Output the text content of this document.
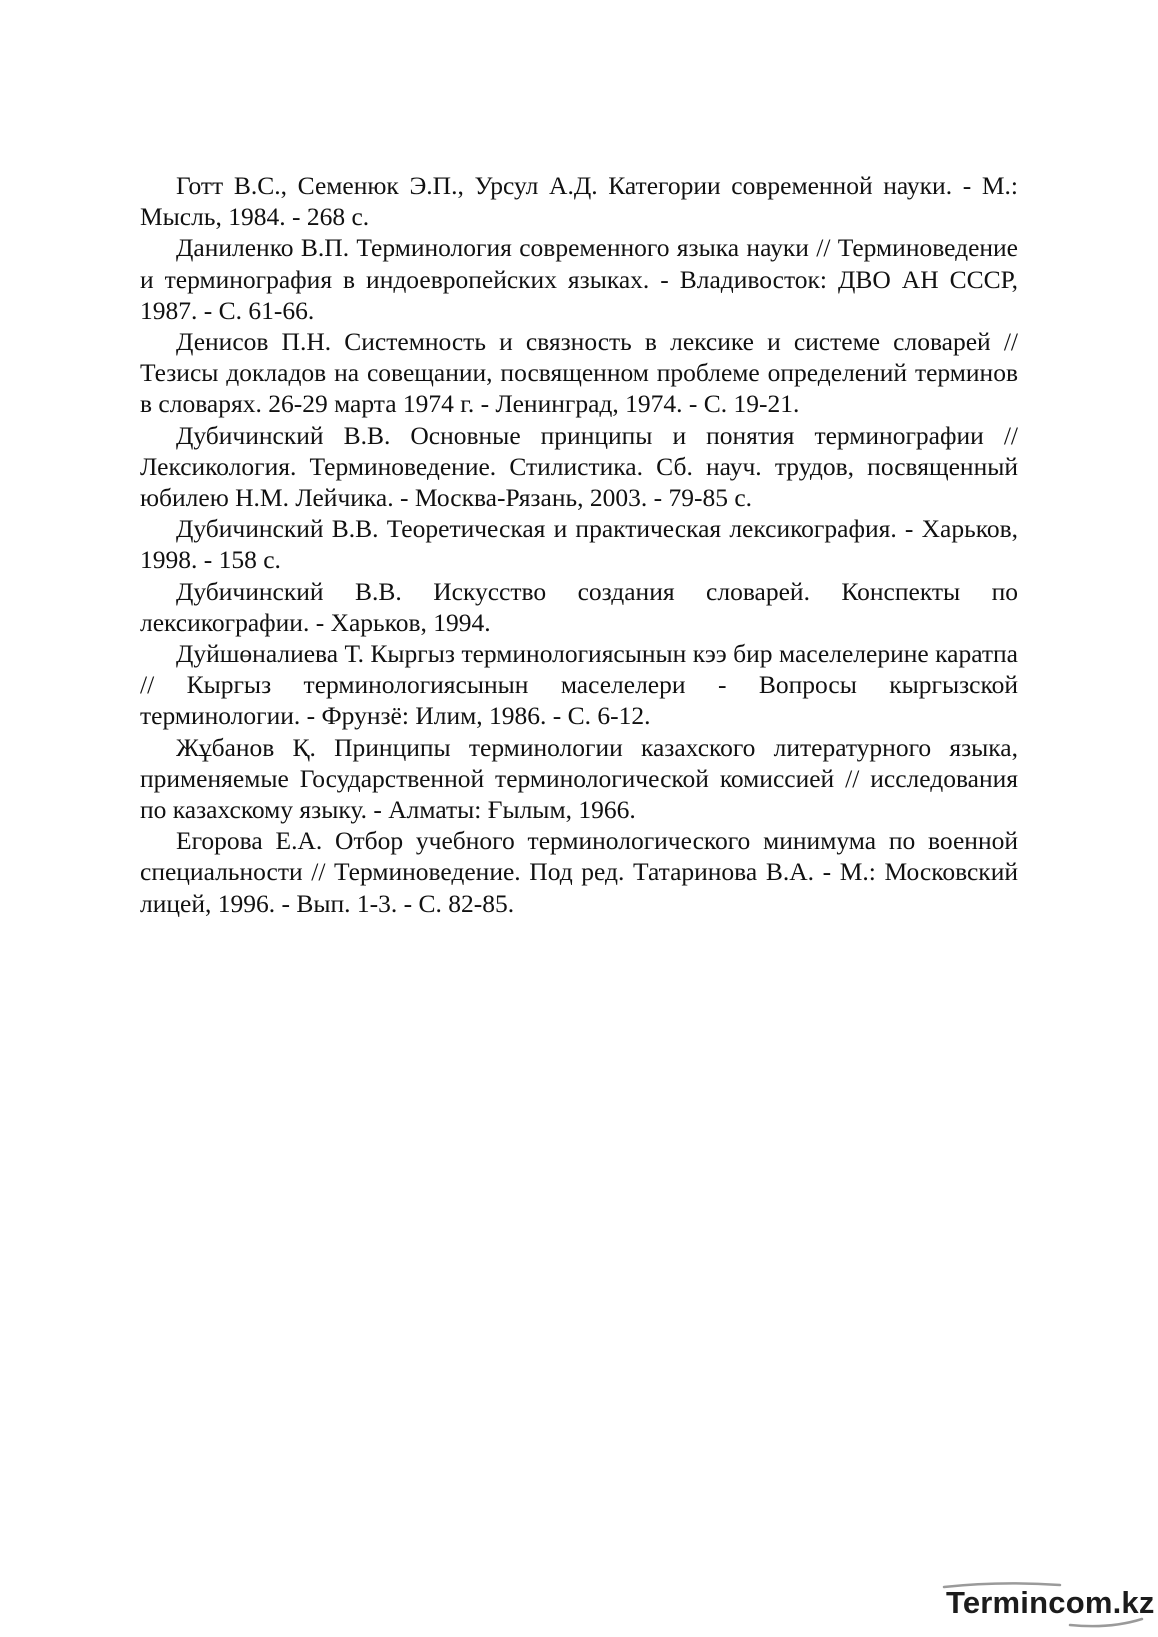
Готт В.С., Семенюк Э.П., Урсул А.Д. Категории современной науки. - М.: Мысль, 1984. - 268 с.

Даниленко В.П. Терминология современного языка науки // Терминоведение и терминография в индоевропейских языках. - Владивосток: ДВО АН СССР, 1987. - С. 61-66.

Денисов П.Н. Системность и связность в лексике и системе словарей // Тезисы докладов на совещании, посвященном проблеме определений терминов в словарях. 26-29 марта 1974 г. - Ленинград, 1974. - С. 19-21.

Дубичинский В.В. Основные принципы и понятия терминографии // Лексикология. Терминоведение. Стилистика. Сб. науч. трудов, посвященный юбилею Н.М. Лейчика. - Москва-Рязань, 2003. - 79-85 с.

Дубичинский В.В. Теоретическая и практическая лексикография. - Харьков, 1998. - 158 с.

Дубичинский В.В. Искусство создания словарей. Конспекты по лексикографии. - Харьков, 1994.

Дуйшөналиева Т. Кыргыз терминологиясынын кээ бир маселелерине каратпа // Кыргыз терминологиясынын маселелери - Вопросы кыргызской терминологии. - Фрунзё: Илим, 1986. - С. 6-12.

Жұбанов Қ. Принципы терминологии казахского литературного языка, применяемые Государственной терминологической комиссией // исследования по казахскому языку. - Алматы: Ғылым, 1966.

Егорова Е.А. Отбор учебного терминологического минимума по военной специальности // Терминоведение. Под ред. Татаринова В.А. - М.: Московский лицей, 1996. - Вып. 1-3. - С. 82-85.

Termincom.kz
